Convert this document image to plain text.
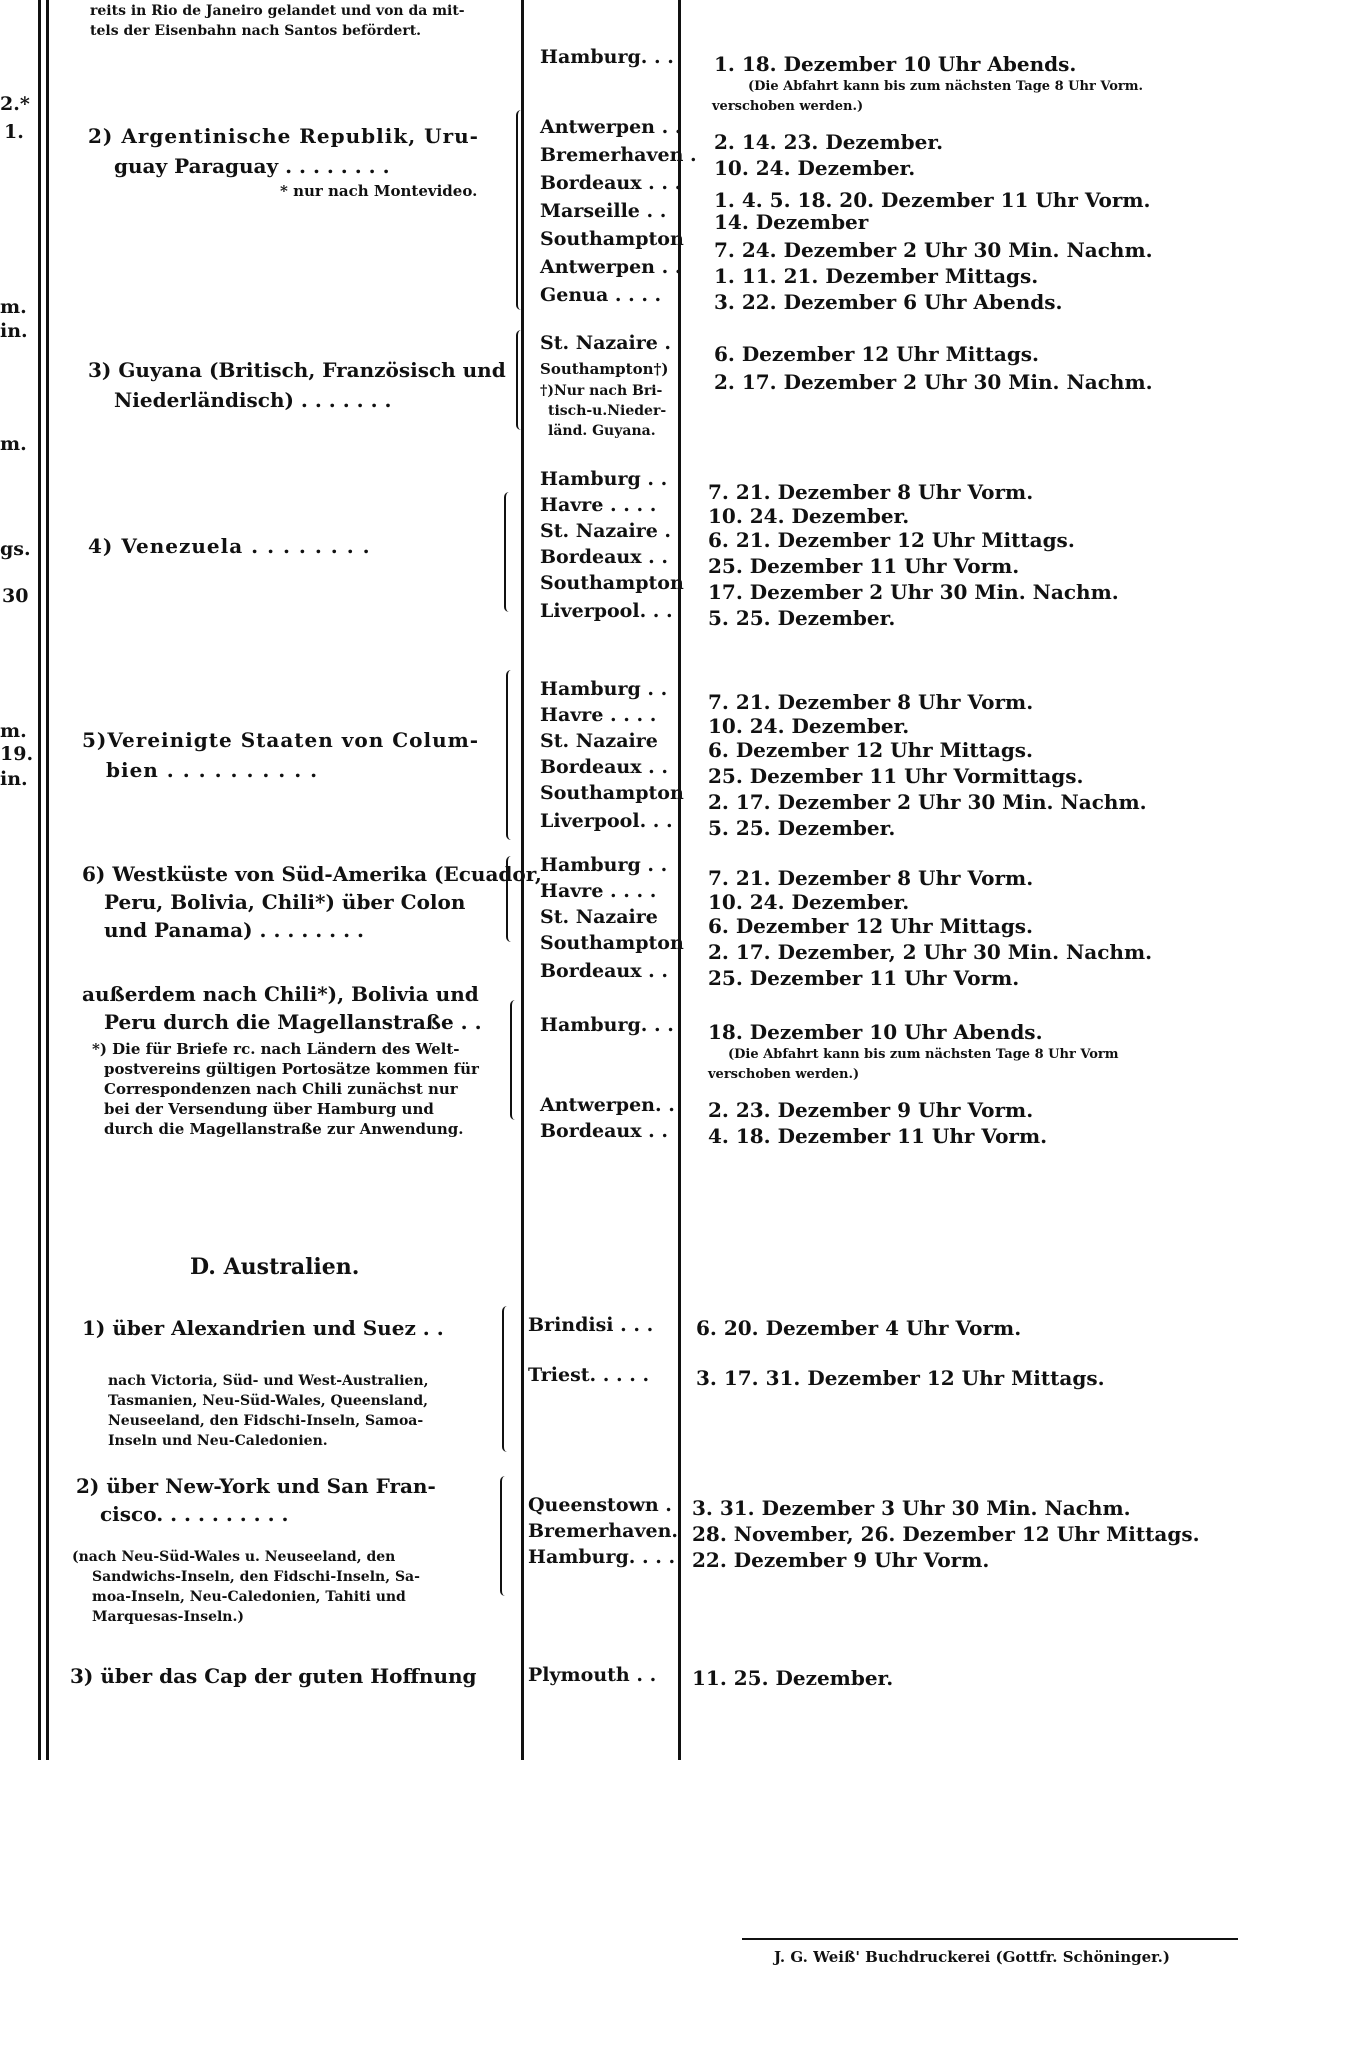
2.*
1.
m.
in.
m.
gs.
30
m.
19.
in.
reits in Rio de Janeiro gelandet und von da mit-
tels der Eisenbahn nach Santos befördert.
Hamburg. . . 1. 18. Dezember 10 Uhr Abends.
(Die Abfahrt kann bis zum nächsten Tage 8 Uhr Vorm.
verschoben werden.)
2) Argentinische Republik, Uru-
guay Paraguay . . . . . . . .
* nur nach Montevideo.
Antwerpen . .
Bremerhaven .
Bordeaux . . .
Marseille . .
Southampton
Antwerpen . .
Genua . . . .
2. 14. 23. Dezember.
10. 24. Dezember.
1. 4. 5. 18. 20. Dezember 11 Uhr Vorm.
14. Dezember
7. 24. Dezember 2 Uhr 30 Min. Nachm.
1. 11. 21. Dezember Mittags.
3. 22. Dezember 6 Uhr Abends.
3) Guyana (Britisch, Französisch und
Niederländisch) . . . . . . .
St. Nazaire .
Southampton†)
†)Nur nach Bri-
tisch-u.Nieder-
länd. Guyana.
6. Dezember 12 Uhr Mittags.
2. 17. Dezember 2 Uhr 30 Min. Nachm.
4) Venezuela . . . . . . . .
Hamburg . .
Havre . . . .
St. Nazaire .
Bordeaux . .
Southampton
Liverpool. . .
7. 21. Dezember 8 Uhr Vorm.
10. 24. Dezember.
6. 21. Dezember 12 Uhr Mittags.
25. Dezember 11 Uhr Vorm.
17. Dezember 2 Uhr 30 Min. Nachm.
5. 25. Dezember.
5)Vereinigte Staaten von Colum-
bien . . . . . . . . . .
Hamburg . .
Havre . . . .
St. Nazaire
Bordeaux . .
Southampton
Liverpool. . .
7. 21. Dezember 8 Uhr Vorm.
10. 24. Dezember.
6. Dezember 12 Uhr Mittags.
25. Dezember 11 Uhr Vormittags.
2. 17. Dezember 2 Uhr 30 Min. Nachm.
5. 25. Dezember.
6) Westküste von Süd-Amerika (Ecuador,
Peru, Bolivia, Chili*) über Colon
und Panama) . . . . . . . .
Hamburg . .
Havre . . . .
St. Nazaire
Southampton
Bordeaux . .
7. 21. Dezember 8 Uhr Vorm.
10. 24. Dezember.
6. Dezember 12 Uhr Mittags.
2. 17. Dezember, 2 Uhr 30 Min. Nachm.
25. Dezember 11 Uhr Vorm.
außerdem nach Chili*), Bolivia und
Peru durch die Magellanstraße . .
*) Die für Briefe rc. nach Ländern des Welt-
postvereins gültigen Portosätze kommen für
Correspondenzen nach Chili zunächst nur
bei der Versendung über Hamburg und
durch die Magellanstraße zur Anwendung.
Hamburg. . .
Antwerpen. .
Bordeaux . .
18. Dezember 10 Uhr Abends.
(Die Abfahrt kann bis zum nächsten Tage 8 Uhr Vorm
verschoben werden.)
2. 23. Dezember 9 Uhr Vorm.
4. 18. Dezember 11 Uhr Vorm.
D. Australien.
1) über Alexandrien und Suez . .
nach Victoria, Süd- und West-Australien,
Tasmanien, Neu-Süd-Wales, Queensland,
Neuseeland, den Fidschi-Inseln, Samoa-
Inseln und Neu-Caledonien.
Brindisi . . .
Triest. . . . .
6. 20. Dezember 4 Uhr Vorm.
3. 17. 31. Dezember 12 Uhr Mittags.
2) über New-York und San Fran-
cisco. . . . . . . . . .
(nach Neu-Süd-Wales u. Neuseeland, den
Sandwichs-Inseln, den Fidschi-Inseln, Sa-
moa-Inseln, Neu-Caledonien, Tahiti und
Marquesas-Inseln.)
Queenstown .
Bremerhaven.
Hamburg. . . .
3. 31. Dezember 3 Uhr 30 Min. Nachm.
28. November, 26. Dezember 12 Uhr Mittags.
22. Dezember 9 Uhr Vorm.
3) über das Cap der guten Hoffnung	Plymouth . . 11. 25. Dezember.
J. G. Weiß' Buchdruckerei (Gottfr. Schöninger.)
